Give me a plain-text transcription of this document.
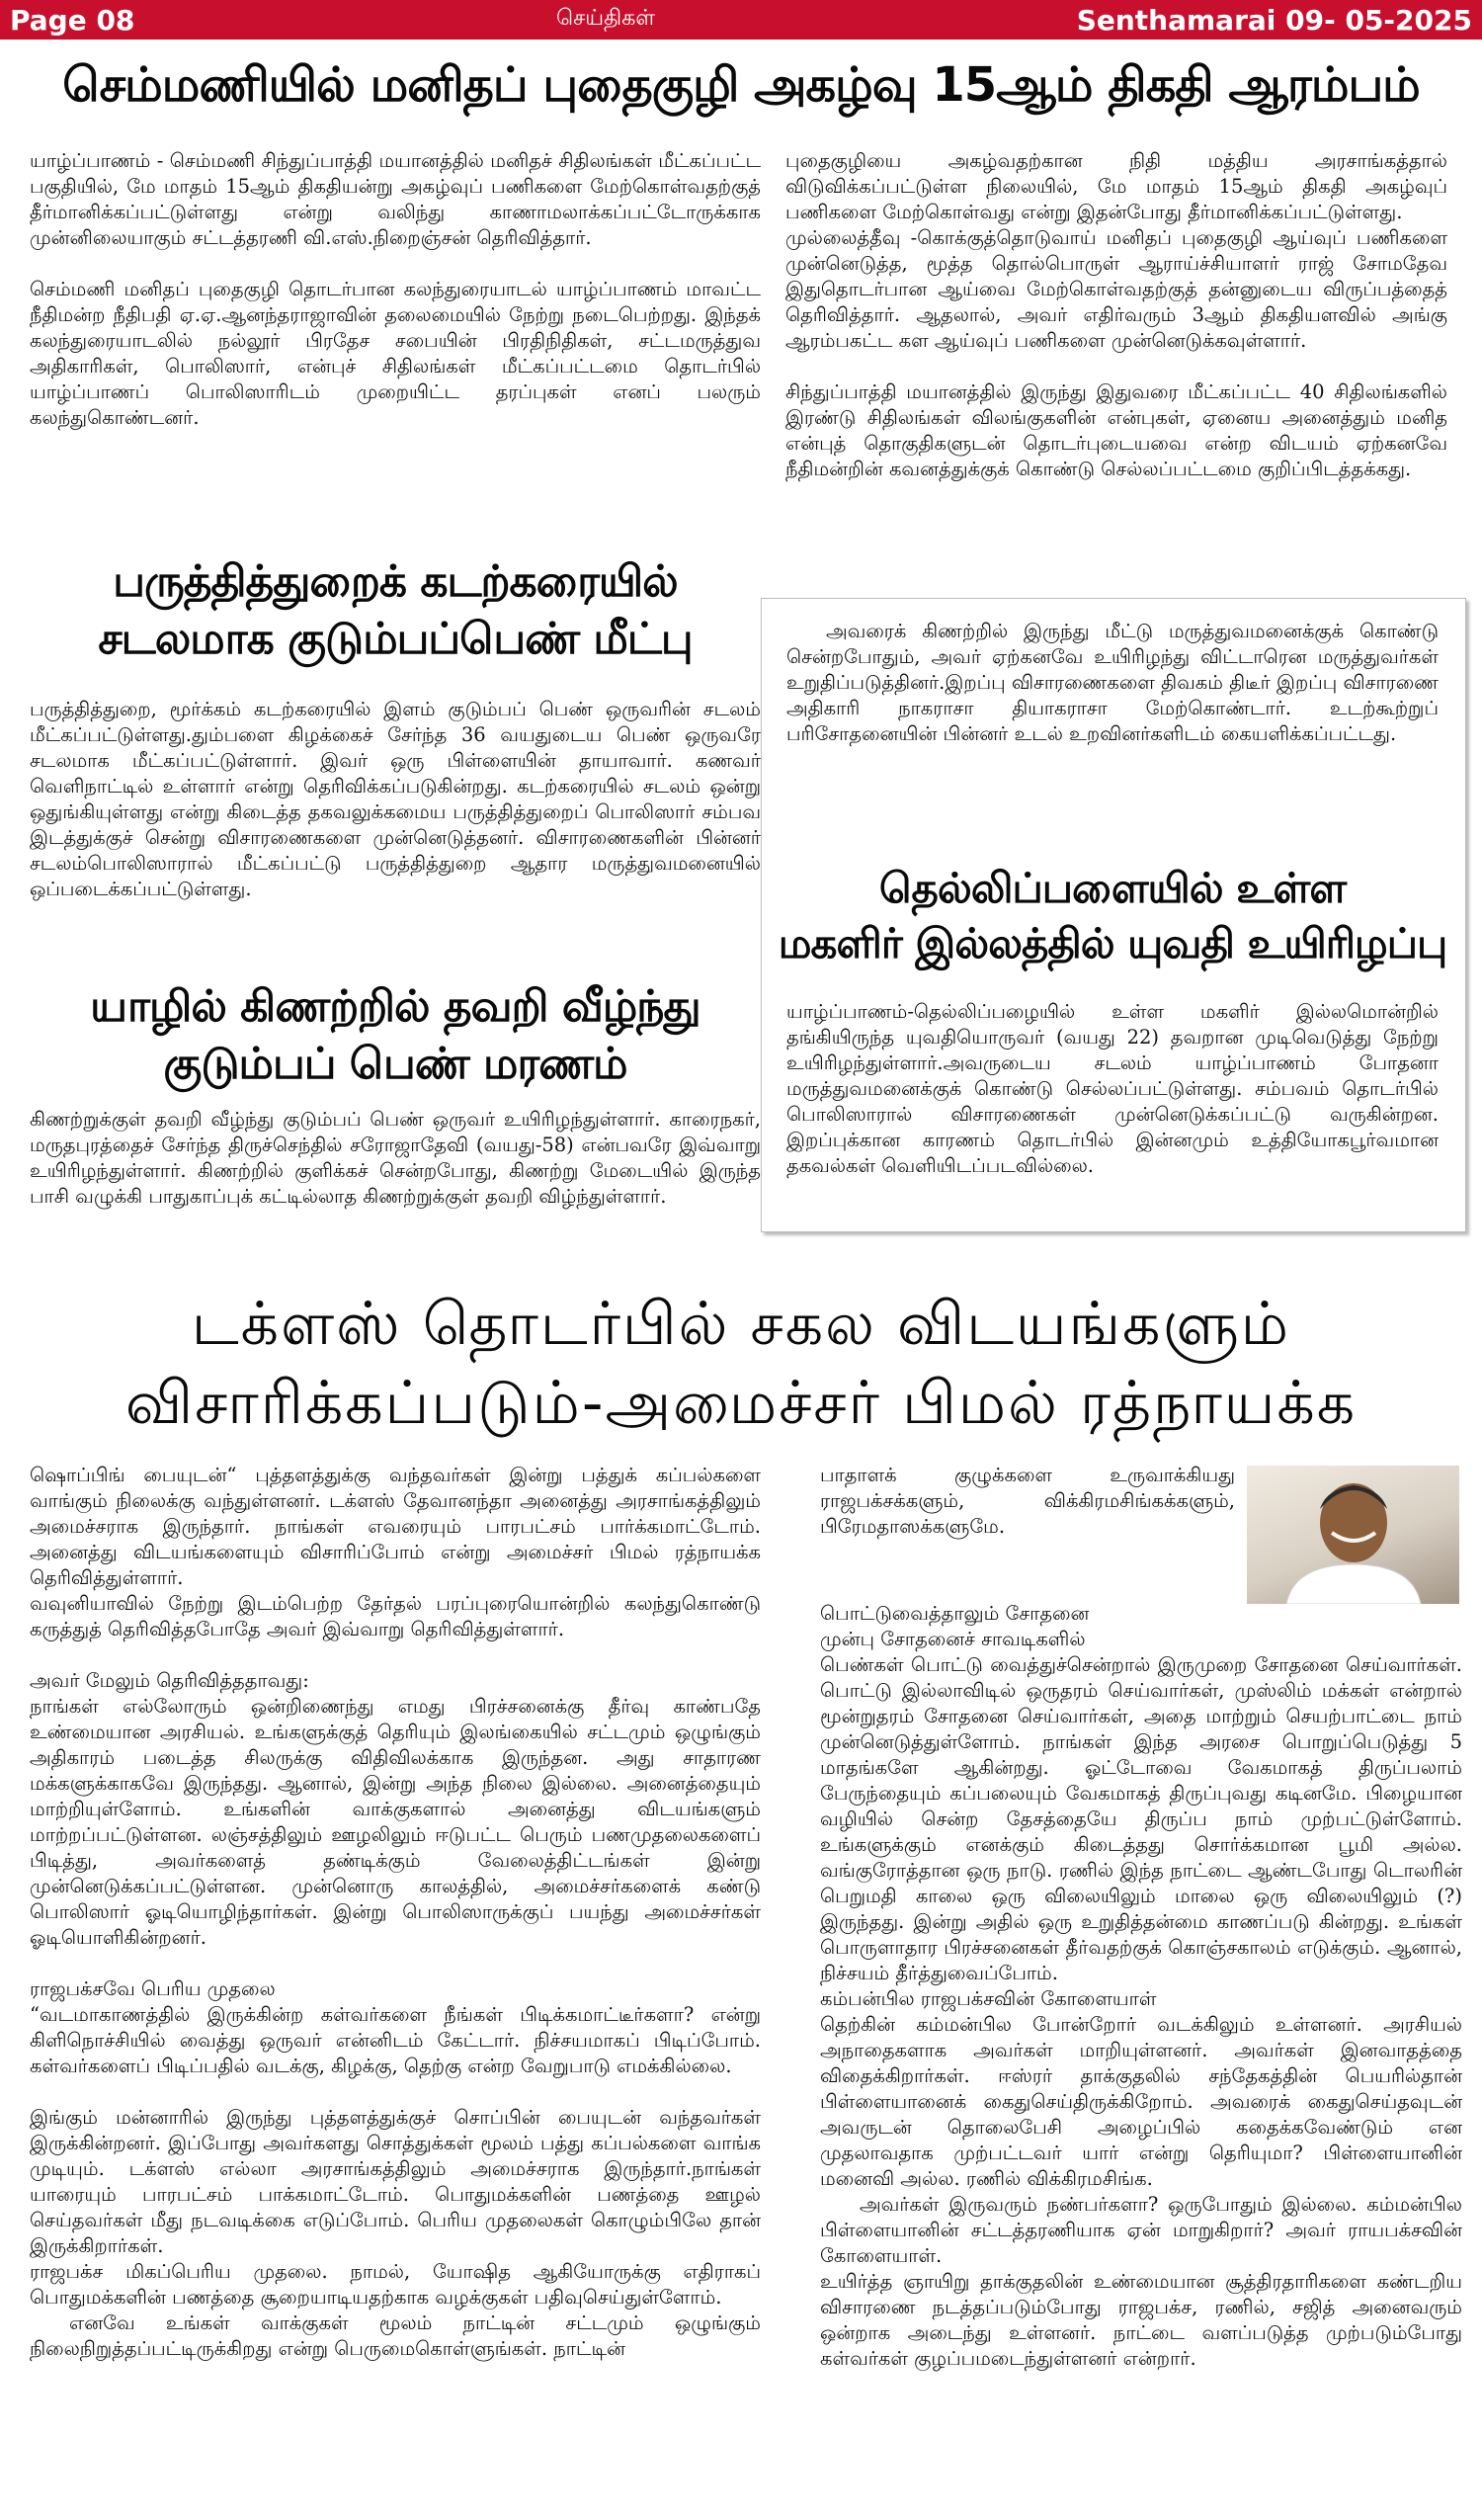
Page 08	செய்திகள்	Senthamarai 09- 05-2025
செம்மணியில் மனிதப் புதைகுழி அகழ்வு 15ஆம் திகதி ஆரம்பம்

யாழ்ப்பாணம் - செம்மணி சிந்துப்பாத்தி மயானத்தில் மனிதச் சிதிலங்கள் மீட்கப்பட்ட பகுதியில், மே மாதம் 15ஆம் திகதியன்று அகழ்வுப் பணிகளை மேற்கொள்வதற்குத் தீர்மானிக்கப்பட்டுள்ளது என்று வலிந்து காணாமலாக்கப்பட்டோருக்காக முன்னிலையாகும் சட்டத்தரணி வி.எஸ்.நிறைஞ்சன் தெரிவித்தார்.

செம்மணி மனிதப் புதைகுழி தொடர்பான கலந்துரையாடல் யாழ்ப்பாணம் மாவட்ட நீதிமன்ற நீதிபதி ஏ.ஏ.ஆனந்தராஜாவின் தலைமையில் நேற்று நடைபெற்றது. இந்தக் கலந்துரையாடலில் நல்லூர் பிரதேச சபையின் பிரதிநிதிகள், சட்டமருத்துவ அதிகாரிகள், பொலிஸார், என்புச் சிதிலங்கள் மீட்கப்பட்டமை தொடர்பில் யாழ்ப்பாணப் பொலிஸாரிடம் முறையிட்ட தரப்புகள் எனப் பலரும் கலந்துகொண்டனர்.

புதைகுழியை அகழ்வதற்கான நிதி மத்திய அரசாங்கத்தால் விடுவிக்கப்பட்டுள்ள நிலையில், மே மாதம் 15ஆம் திகதி அகழ்வுப் பணிகளை மேற்கொள்வது என்று இதன்போது தீர்மானிக்கப்பட்டுள்ளது.

முல்லைத்தீவு -கொக்குத்தொடுவாய் மனிதப் புதைகுழி ஆய்வுப் பணிகளை முன்னெடுத்த, மூத்த தொல்பொருள் ஆராய்ச்சியாளர் ராஜ் சோமதேவ இதுதொடர்பான ஆய்வை மேற்கொள்வதற்குத் தன்னுடைய விருப்பத்தைத் தெரிவித்தார். ஆதலால், அவர் எதிர்வரும் 3ஆம் திகதியளவில் அங்கு ஆரம்பகட்ட கள ஆய்வுப் பணிகளை முன்னெடுக்கவுள்ளார்.

சிந்துப்பாத்தி மயானத்தில் இருந்து இதுவரை மீட்கப்பட்ட 40 சிதிலங்களில் இரண்டு சிதிலங்கள் விலங்குகளின் என்புகள், ஏனைய அனைத்தும் மனித என்புத் தொகுதிகளுடன் தொடர்புடையவை என்ற விடயம் ஏற்கனவே நீதிமன்றின் கவனத்துக்குக் கொண்டு செல்லப்பட்டமை குறிப்பிடத்தக்கது.

பருத்தித்துறைக் கடற்கரையில்
சடலமாக குடும்பப்பெண் மீட்பு

பருத்தித்துறை, மூர்க்கம் கடற்கரையில் இளம் குடும்பப் பெண் ஒருவரின் சடலம் மீட்கப்பட்டுள்ளது.தும்பளை கிழக்கைச் சேர்ந்த 36 வயதுடைய பெண் ஒருவரே சடலமாக மீட்கப்பட்டுள்ளார். இவர் ஒரு பிள்ளையின் தாயாவார். கணவர் வெளிநாட்டில் உள்ளார் என்று தெரிவிக்கப்படுகின்றது. கடற்கரையில் சடலம் ஒன்று ஒதுங்கியுள்ளது என்று கிடைத்த தகவலுக்கமைய பருத்தித்துறைப் பொலிஸார் சம்பவ இடத்துக்குச் சென்று விசாரணைகளை முன்னெடுத்தனர். விசாரணைகளின் பின்னர் சடலம்பொலிஸாரால் மீட்கப்பட்டு பருத்தித்துறை ஆதார மருத்துவமனையில் ஒப்படைக்கப்பட்டுள்ளது.

யாழில் கிணற்றில் தவறி வீழ்ந்து
குடும்பப் பெண் மரணம்

கிணற்றுக்குள் தவறி வீழ்ந்து குடும்பப் பெண் ஒருவர் உயிரிழந்துள்ளார். காரைநகர், மருதபுரத்தைச் சேர்ந்த திருச்செந்தில் சரோஜாதேவி (வயது-58) என்பவரே இவ்வாறு உயிரிழந்துள்ளார். கிணற்றில் குளிக்கச் சென்றபோது, கிணற்று மேடையில் இருந்த பாசி வழுக்கி பாதுகாப்புக் கட்டில்லாத கிணற்றுக்குள் தவறி விழ்ந்துள்ளார்.

அவரைக் கிணற்றில் இருந்து மீட்டு மருத்துவமனைக்குக் கொண்டு சென்றபோதும், அவர் ஏற்கனவே உயிரிழந்து விட்டாரென மருத்துவர்கள் உறுதிப்படுத்தினர்.இறப்பு விசாரணைகளை திவகம் திடீர் இறப்பு விசாரணை அதிகாரி நாகராசா தியாகராசா மேற்கொண்டார். உடற்கூற்றுப் பரிசோதனையின் பின்னர் உடல் உறவினர்களிடம் கையளிக்கப்பட்டது.

தெல்லிப்பளையில் உள்ள
மகளிர் இல்லத்தில் யுவதி உயிரிழப்பு

யாழ்ப்பாணம்-தெல்லிப்பழையில் உள்ள மகளிர் இல்லமொன்றில் தங்கியிருந்த யுவதியொருவர் (வயது 22) தவறான முடிவெடுத்து நேற்று உயிரிழந்துள்ளார்.அவருடைய சடலம் யாழ்ப்பாணம் போதனா மருத்துவமனைக்குக் கொண்டு செல்லப்பட்டுள்ளது. சம்பவம் தொடர்பில் பொலிஸாரால் விசாரணைகள் முன்னெடுக்கப்பட்டு வருகின்றன. இறப்புக்கான காரணம் தொடர்பில் இன்னமும் உத்தியோகபூர்வமான தகவல்கள் வெளியிடப்படவில்லை.

டக்ளஸ் தொடர்பில் சகல விடயங்களும்
விசாரிக்கப்படும்-அமைச்சர் பிமல் ரத்நாயக்க

ஷொப்பிங் பையுடன்“ புத்தளத்துக்கு வந்தவர்கள் இன்று பத்துக் கப்பல்களை வாங்கும் நிலைக்கு வந்துள்ளனர். டக்ளஸ் தேவானந்தா அனைத்து அரசாங்கத்திலும் அமைச்சராக இருந்தார். நாங்கள் எவரையும் பாரபட்சம் பார்க்கமாட்டோம். அனைத்து விடயங்களையும் விசாரிப்போம் என்று அமைச்சர் பிமல் ரத்நாயக்க தெரிவித்துள்ளார்.

வவுனியாவில் நேற்று இடம்பெற்ற தேர்தல் பரப்புரையொன்றில் கலந்துகொண்டு கருத்துத் தெரிவித்தபோதே அவர் இவ்வாறு தெரிவித்துள்ளார்.

அவர் மேலும் தெரிவித்ததாவது:

நாங்கள் எல்லோரும் ஒன்றிணைந்து எமது பிரச்சனைக்கு தீர்வு காண்பதே உண்மையான அரசியல். உங்களுக்குத் தெரியும் இலங்கையில் சட்டமும் ஒழுங்கும் அதிகாரம் படைத்த சிலருக்கு விதிவிலக்காக இருந்தன. அது சாதாரண மக்களுக்காகவே இருந்தது. ஆனால், இன்று அந்த நிலை இல்லை. அனைத்தையும் மாற்றியுள்ளோம். உங்களின் வாக்குகளால் அனைத்து விடயங்களும் மாற்றப்பட்டுள்ளன. லஞ்சத்திலும் ஊழலிலும் ஈடுபட்ட பெரும் பணமுதலைகளைப் பிடித்து, அவர்களைத் தண்டிக்கும் வேலைத்திட்டங்கள் இன்று முன்னெடுக்கப்பட்டுள்ளன. முன்னொரு காலத்தில், அமைச்சர்களைக் கண்டு பொலிஸார் ஓடியொழிந்தார்கள். இன்று பொலிஸாருக்குப் பயந்து அமைச்சர்கள் ஓடியொளிகின்றனர்.

ராஜபக்சவே பெரிய முதலை

“வடமாகாணத்தில் இருக்கின்ற கள்வர்களை நீங்கள் பிடிக்கமாட்டீர்களா? என்று கிளிநொச்சியில் வைத்து ஒருவர் என்னிடம் கேட்டார். நிச்சயமாகப் பிடிப்போம். கள்வர்களைப் பிடிப்பதில் வடக்கு, கிழக்கு, தெற்கு என்ற வேறுபாடு எமக்கில்லை.

இங்கும் மன்னாரில் இருந்து புத்தளத்துக்குச் சொப்பின் பையுடன் வந்தவர்கள் இருக்கின்றனர். இப்போது அவர்களது சொத்துக்கள் மூலம் பத்து கப்பல்களை வாங்க முடியும். டக்ளஸ் எல்லா அரசாங்கத்திலும் அமைச்சராக இருந்தார்.நாங்கள் யாரையும் பாரபட்சம் பாக்கமாட்டோம். பொதுமக்களின் பணத்தை ஊழல் செய்தவர்கள் மீது நடவடிக்கை எடுப்போம். பெரிய முதலைகள் கொழும்பிலே தான் இருக்கிறார்கள்.

ராஜபக்ச மிகப்பெரிய முதலை. நாமல், யோஷித ஆகியோருக்கு எதிராகப் பொதுமக்களின் பணத்தை சூறையாடியதற்காக வழக்குகள் பதிவுசெய்துள்ளோம்.

எனவே உங்கள் வாக்குகள் மூலம் நாட்டின் சட்டமும் ஒழுங்கும் நிலைநிறுத்தப்பட்டிருக்கிறது என்று பெருமைகொள்ளுங்கள். நாட்டின்

பாதாளக் குழுக்களை உருவாக்கியது ராஜபக்சக்களும், விக்கிரமசிங்கக்களும், பிரேமதாஸக்களுமே.

பொட்டுவைத்தாலும் சோதனை

முன்பு சோதனைச் சாவடிகளில்

பெண்கள் பொட்டு வைத்துச்சென்றால் இருமுறை சோதனை செய்வார்கள். பொட்டு இல்லாவிடில் ஒருதரம் செய்வார்கள், முஸ்லிம் மக்கள் என்றால் மூன்றுதரம் சோதனை செய்வார்கள், அதை மாற்றும் செயற்பாட்டை நாம் முன்னெடுத்துள்ளோம். நாங்கள் இந்த அரசை பொறுப்பெடுத்து 5 மாதங்களே ஆகின்றது. ஓட்டோவை வேகமாகத் திருப்பலாம் பேருந்தையும் கப்பலையும் வேகமாகத் திருப்புவது கடினமே. பிழையான வழியில் சென்ற தேசத்தையே திருப்ப நாம் முற்பட்டுள்ளோம். உங்களுக்கும் எனக்கும் கிடைத்தது சொர்க்கமான பூமி அல்ல. வங்குரோத்தான ஒரு நாடு. ரணில் இந்த நாட்டை ஆண்டபோது டொலரின் பெறுமதி காலை ஒரு விலையிலும் மாலை ஒரு விலையிலும் (?) இருந்தது. இன்று அதில் ஒரு உறுதித்தன்மை காணப்படு கின்றது. உங்கள் பொருளாதார பிரச்சனைகள் தீர்வதற்குக் கொஞ்சகாலம் எடுக்கும். ஆனால், நிச்சயம் தீர்த்துவைப்போம்.

கம்பன்பில ராஜபக்சவின் கோளையாள்

தெற்கின் கம்மன்பில போன்றோர் வடக்கிலும் உள்ளனர். அரசியல் அநாதைகளாக அவர்கள் மாறியுள்ளனர். அவர்கள் இனவாதத்தை விதைக்கிறார்கள். ஈஸ்ரர் தாக்குதலில் சந்தேகத்தின் பெயரில்தான் பிள்ளையானைக் கைதுசெய்திருக்கிறோம். அவரைக் கைதுசெய்தவுடன் அவருடன் தொலைபேசி அழைப்பில் கதைக்கவேண்டும் என முதலாவதாக முற்பட்டவர் யார் என்று தெரியுமா? பிள்ளையானின் மனைவி அல்ல. ரணில் விக்கிரமசிங்க.

அவர்கள் இருவரும் நண்பர்களா? ஒருபோதும் இல்லை. கம்மன்பில பிள்ளையானின் சட்டத்தரணியாக ஏன் மாறுகிறார்? அவர் ராயபக்சவின் கோளையாள்.

உயிர்த்த ஞாயிறு தாக்குதலின் உண்மையான சூத்திரதாரிகளை கண்டறிய விசாரணை நடத்தப்படும்போது ராஜபக்ச, ரணில், சஜித் அனைவரும் ஒன்றாக அடைந்து உள்ளனர். நாட்டை வளப்படுத்த முற்படும்போது கள்வர்கள் குழப்பமடைந்துள்ளனர் என்றார்.
